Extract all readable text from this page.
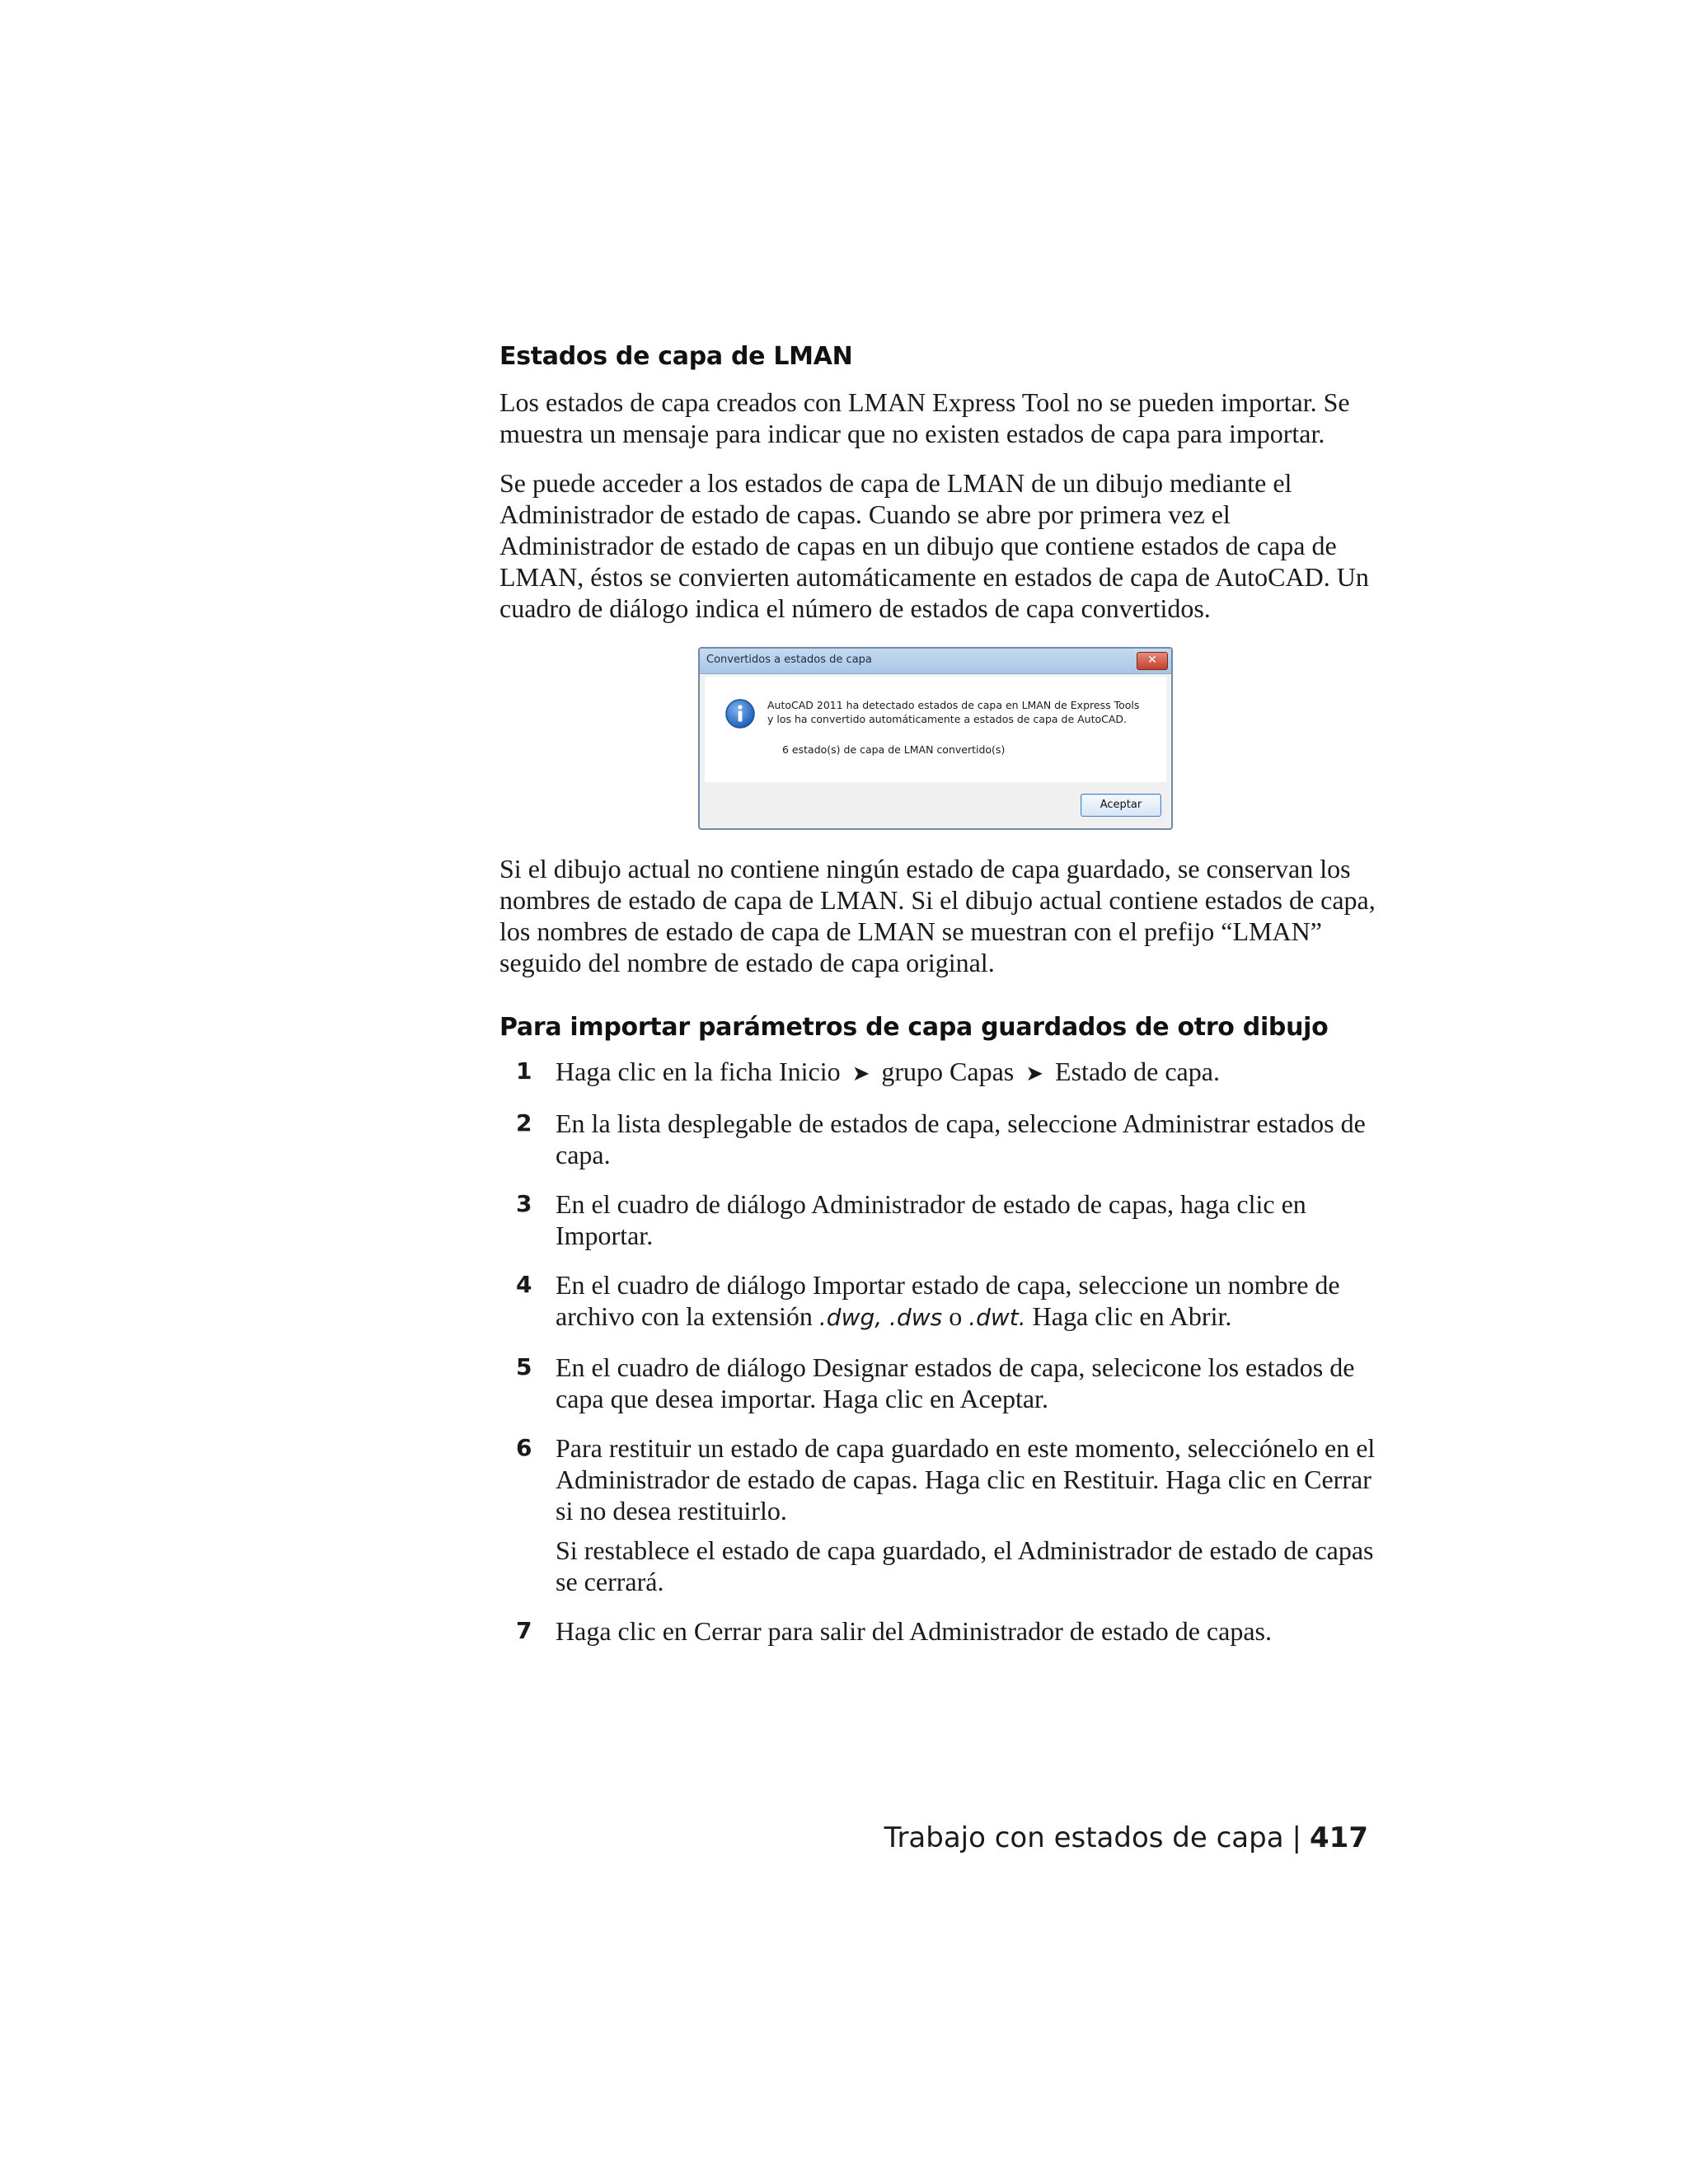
Estados de capa de LMAN

Los estados de capa creados con LMAN Express Tool no se pueden importar. Se muestra un mensaje para indicar que no existen estados de capa para importar.

Se puede acceder a los estados de capa de LMAN de un dibujo mediante el Administrador de estado de capas. Cuando se abre por primera vez el Administrador de estado de capas en un dibujo que contiene estados de capa de LMAN, éstos se convierten automáticamente en estados de capa de AutoCAD. Un cuadro de diálogo indica el número de estados de capa convertidos.

Convertidos a estados de capa	✕
AutoCAD 2011 ha detectado estados de capa en LMAN de Express Tools
y los ha convertido automáticamente a estados de capa de AutoCAD.
6 estado(s) de capa de LMAN convertido(s)
Aceptar

Si el dibujo actual no contiene ningún estado de capa guardado, se conservan los nombres de estado de capa de LMAN. Si el dibujo actual contiene estados de capa, los nombres de estado de capa de LMAN se muestran con el prefijo “LMAN” seguido del nombre de estado de capa original.

Para importar parámetros de capa guardados de otro dibujo
1 Haga clic en la ficha Inicio ➤ grupo Capas ➤ Estado de capa.

2 En la lista desplegable de estados de capa, seleccione Administrar estados de capa.

3 En el cuadro de diálogo Administrador de estado de capas, haga clic en Importar.

4 En el cuadro de diálogo Importar estado de capa, seleccione un nombre de archivo con la extensión .dwg, .dws o .dwt. Haga clic en Abrir.

5 En el cuadro de diálogo Designar estados de capa, selecicone los estados de capa que desea importar. Haga clic en Aceptar.

6 Para restituir un estado de capa guardado en este momento, selecciónelo en el Administrador de estado de capas. Haga clic en Restituir. Haga clic en Cerrar si no desea restituirlo.

Si restablece el estado de capa guardado, el Administrador de estado de capas se cerrará.

7 Haga clic en Cerrar para salir del Administrador de estado de capas.

Trabajo con estados de capa | 417
